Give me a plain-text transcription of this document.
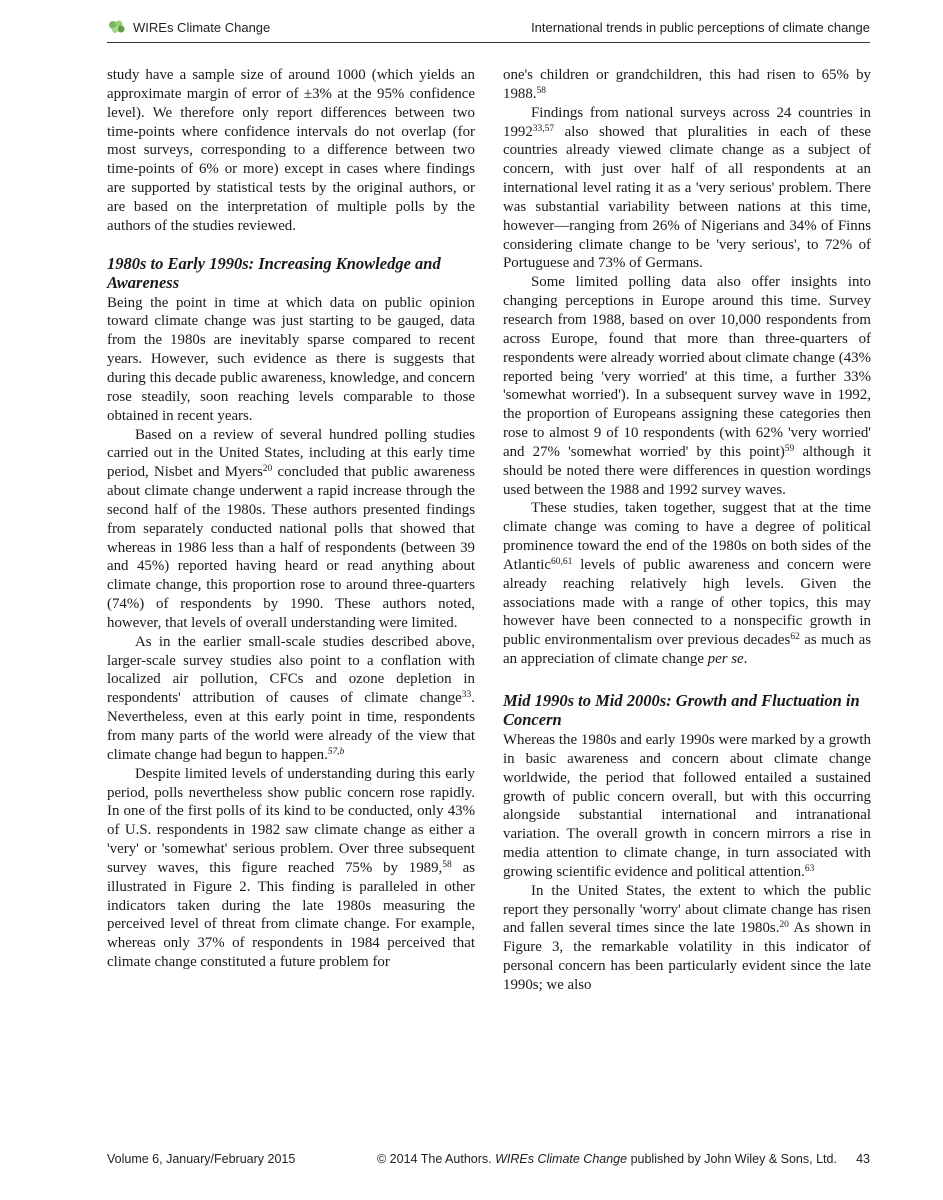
WIREs Climate Change	International trends in public perceptions of climate change

study have a sample size of around 1000 (which yields an approximate margin of error of ±3% at the 95% confidence level). We therefore only report differences between two time-points where confidence intervals do not overlap (for most surveys, corresponding to a difference between two time-points of 6% or more) except in cases where findings are supported by statistical tests by the original authors, or are based on the interpretation of multiple polls by the authors of the studies reviewed.

1980s to Early 1990s: Increasing Knowledge and Awareness

Being the point in time at which data on public opinion toward climate change was just starting to be gauged, data from the 1980s are inevitably sparse compared to recent years. However, such evidence as there is suggests that during this decade public awareness, knowledge, and concern rose steadily, soon reaching levels comparable to those obtained in recent years.

Based on a review of several hundred polling studies carried out in the United States, including at this early time period, Nisbet and Myers$^{20}$ concluded that public awareness about climate change underwent a rapid increase through the second half of the 1980s. These authors presented findings from separately conducted national polls that showed that whereas in 1986 less than a half of respondents (between 39 and 45%) reported having heard or read anything about climate change, this proportion rose to around three-quarters (74%) of respondents by 1990. These authors noted, however, that levels of overall understanding were limited.

As in the earlier small-scale studies described above, larger-scale survey studies also point to a conflation with localized air pollution, CFCs and ozone depletion in respondents' attribution of causes of climate change$^{33}$. Nevertheless, even at this early point in time, respondents from many parts of the world were already of the view that climate change had begun to happen.$^{57,b}$

Despite limited levels of understanding during this early period, polls nevertheless show public concern rose rapidly. In one of the first polls of its kind to be conducted, only 43% of U.S. respondents in 1982 saw climate change as either a 'very' or 'somewhat' serious problem. Over three subsequent survey waves, this figure reached 75% by 1989,58 as illustrated in Figure 2. This finding is paralleled in other indicators taken during the late 1980s measuring the perceived level of threat from climate change. For example, whereas only 37% of respondents in 1984 perceived that climate change constituted a future problem for

one's children or grandchildren, this had risen to 65% by 1988.58

Findings from national surveys across 24 countries in 1992$^{33,57}$ also showed that pluralities in each of these countries already viewed climate change as a subject of concern, with just over half of all respondents at an international level rating it as a 'very serious' problem. There was substantial variability between nations at this time, however—ranging from 26% of Nigerians and 34% of Finns considering climate change to be 'very serious', to 72% of Portuguese and 73% of Germans.

Some limited polling data also offer insights into changing perceptions in Europe around this time. Survey research from 1988, based on over 10,000 respondents from across Europe, found that more than three-quarters of respondents were already worried about climate change (43% reported being 'very worried' at this time, a further 33% 'somewhat worried'). In a subsequent survey wave in 1992, the proportion of Europeans assigning these categories then rose to almost 9 of 10 respondents (with 62% 'very worried' and 27% 'somewhat worried' by this point)$^{59}$ although it should be noted there were differences in question wordings used between the 1988 and 1992 survey waves.

These studies, taken together, suggest that at the time climate change was coming to have a degree of political prominence toward the end of the 1980s on both sides of the Atlantic$^{60,61}$ levels of public awareness and concern were already reaching relatively high levels. Given the associations made with a range of other topics, this may however have been connected to a nonspecific growth in public environmentalism over previous decades$^{62}$ as much as an appreciation of climate change per se.

Mid 1990s to Mid 2000s: Growth and Fluctuation in Concern

Whereas the 1980s and early 1990s were marked by a growth in basic awareness and concern about climate change worldwide, the period that followed entailed a sustained growth of public concern overall, but with this occurring alongside substantial international and intranational variation. The overall growth in concern mirrors a rise in media attention to climate change, in turn associated with growing scientific evidence and political attention.$^{63}$

In the United States, the extent to which the public report they personally 'worry' about climate change has risen and fallen several times since the late 1980s.$^{20}$ As shown in Figure 3, the remarkable volatility in this indicator of personal concern has been particularly evident since the late 1990s; we also

Volume 6, January/February 2015	© 2014 The Authors. WIREs Climate Change published by John Wiley & Sons, Ltd. 43
